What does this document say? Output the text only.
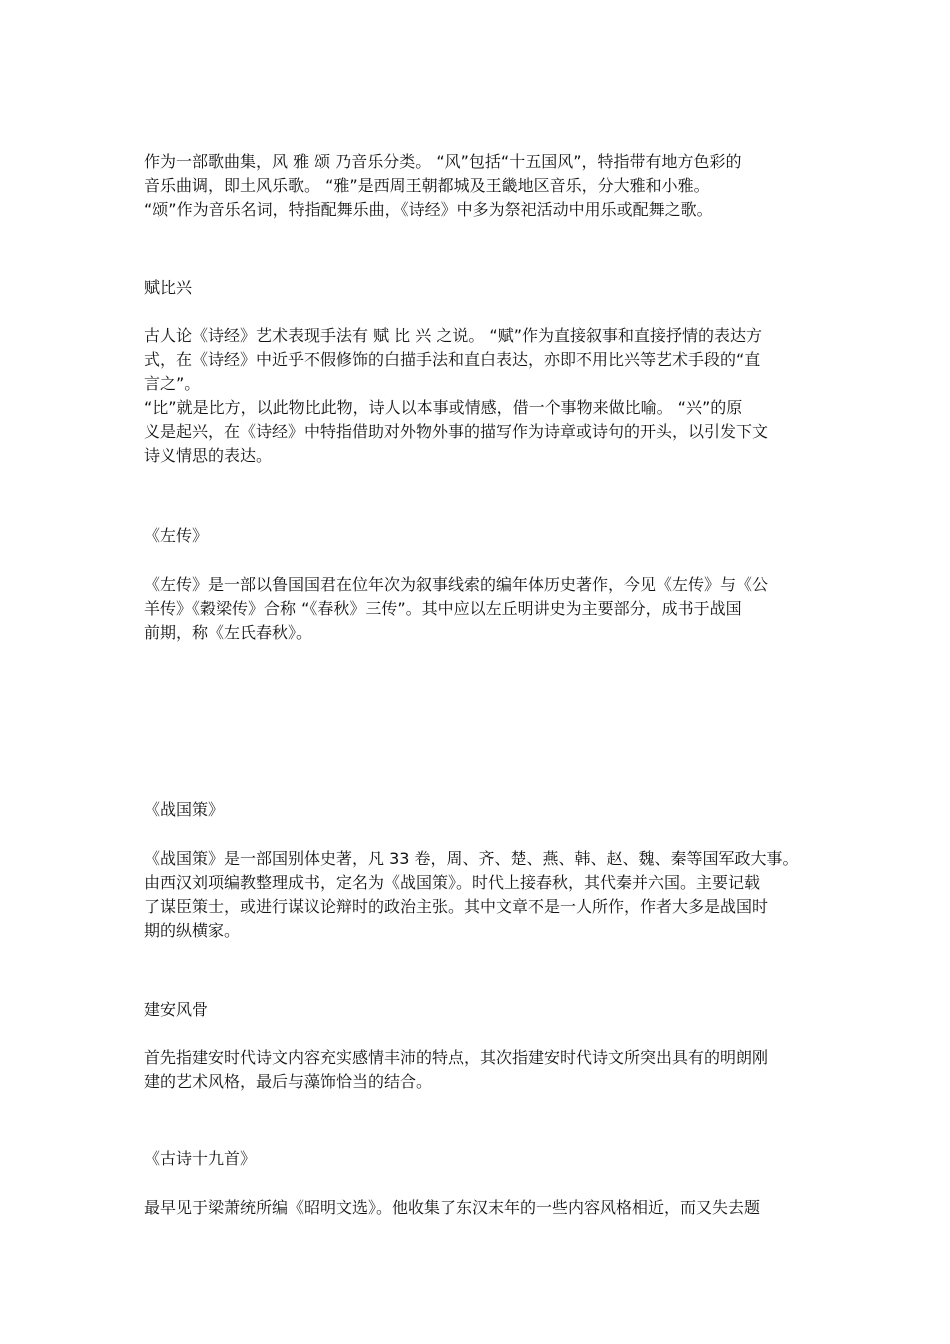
作为一部歌曲集，风 雅 颂 乃音乐分类。 “风”包括“十五国风”，特指带有地方色彩的
音乐曲调，即土风乐歌。 “雅”是西周王朝都城及王畿地区音乐，分大雅和小雅。
“颂”作为音乐名词，特指配舞乐曲，《诗经》中多为祭祀活动中用乐或配舞之歌。
赋比兴
古人论《诗经》艺术表现手法有 赋 比 兴 之说。 “赋”作为直接叙事和直接抒情的表达方
式，在《诗经》中近乎不假修饰的白描手法和直白表达，亦即不用比兴等艺术手段的“直
言之”。
“比”就是比方，以此物比此物，诗人以本事或情感，借一个事物来做比喻。 “兴”的原
义是起兴，在《诗经》中特指借助对外物外事的描写作为诗章或诗句的开头，以引发下文
诗义情思的表达。
《左传》
《左传》是一部以鲁国国君在位年次为叙事线索的编年体历史著作，今见《左传》与《公
羊传》《穀梁传》合称 “《春秋》三传”。其中应以左丘明讲史为主要部分，成书于战国
前期，称《左氏春秋》。
《战国策》
《战国策》是一部国别体史著，凡 33 卷，周、齐、楚、燕、韩、赵、魏、秦等国军政大事。
由西汉刘项编教整理成书，定名为《战国策》。时代上接春秋，其代秦并六国。主要记载
了谋臣策士，或进行谋议论辩时的政治主张。其中文章不是一人所作，作者大多是战国时
期的纵横家。
建安风骨
首先指建安时代诗文内容充实感情丰沛的特点，其次指建安时代诗文所突出具有的明朗刚
建的艺术风格，最后与藻饰恰当的结合。
《古诗十九首》
最早见于梁萧统所编《昭明文选》。他收集了东汉末年的一些内容风格相近，而又失去题
